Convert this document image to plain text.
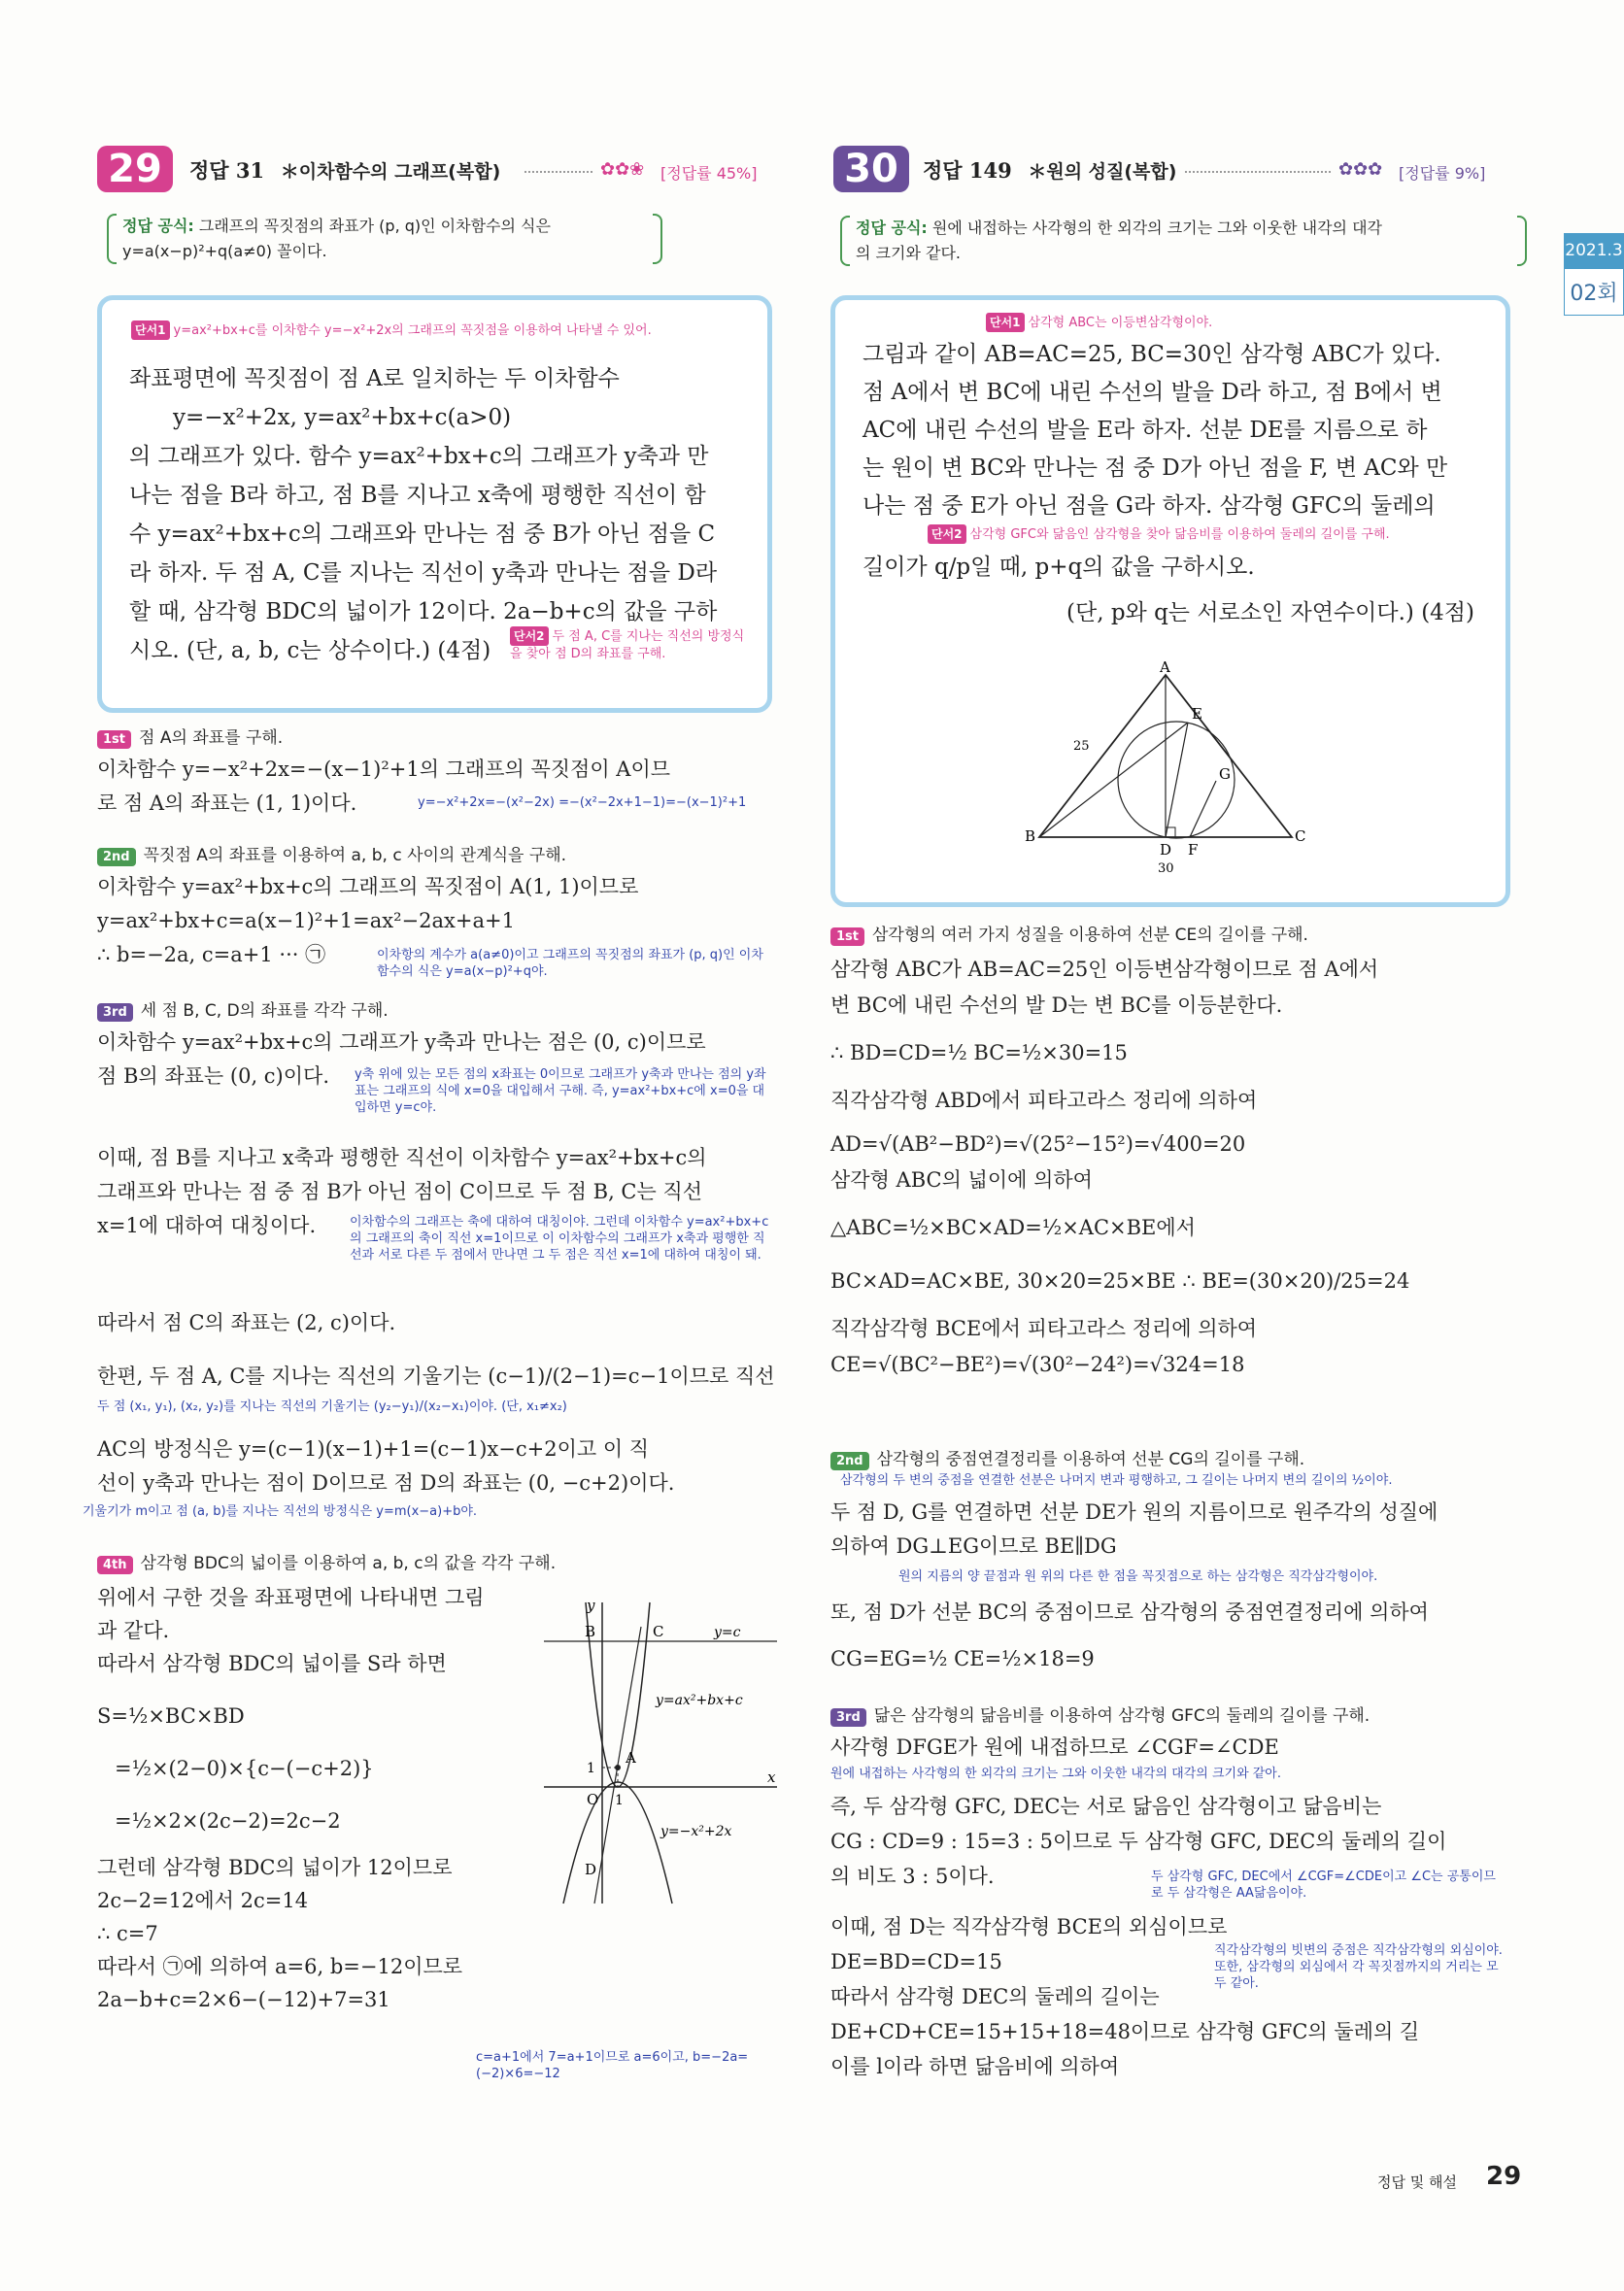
2021.3
02회
29	정답 31 ＊이차함수의 그래프(복합)	✿✿❀ [정답률 45%]
정답 공식: 그래프의 꼭짓점의 좌표가 (p, q)인 이차함수의 식은
y=a(x−p)²+q(a≠0) 꼴이다.
단서1 y=ax²+bx+c를 이차함수 y=−x²+2x의 그래프의 꼭짓점을 이용하여 나타낼 수 있어.
좌표평면에 꼭짓점이 점 A로 일치하는 두 이차함수
y=−x²+2x, y=ax²+bx+c(a>0)
의 그래프가 있다. 함수 y=ax²+bx+c의 그래프가 y축과 만
나는 점을 B라 하고, 점 B를 지나고 x축에 평행한 직선이 함
수 y=ax²+bx+c의 그래프와 만나는 점 중 B가 아닌 점을 C
라 하자. 두 점 A, C를 지나는 직선이 y축과 만나는 점을 D라
할 때, 삼각형 BDC의 넓이가 12이다. 2a−b+c의 값을 구하
시오. (단, a, b, c는 상수이다.) (4점)
단서2 두 점 A, C를 지나는 직선의 방정식을 찾아 점 D의 좌표를 구해.
1st 점 A의 좌표를 구해.
이차함수 y=−x²+2x=−(x−1)²+1의 그래프의 꼭짓점이 A이므
로 점 A의 좌표는 (1, 1)이다.	y=−x²+2x=−(x²−2x) =−(x²−2x+1−1)=−(x−1)²+1
2nd 꼭짓점 A의 좌표를 이용하여 a, b, c 사이의 관계식을 구해.
이차함수 y=ax²+bx+c의 그래프의 꼭짓점이 A(1, 1)이므로
y=ax²+bx+c=a(x−1)²+1=ax²−2ax+a+1
∴ b=−2a, c=a+1 ··· ㉠	이차항의 계수가 a(a≠0)이고 그래프의 꼭짓점의 좌표가 (p, q)인 이차함수의 식은 y=a(x−p)²+q야.
3rd 세 점 B, C, D의 좌표를 각각 구해.
이차함수 y=ax²+bx+c의 그래프가 y축과 만나는 점은 (0, c)이므로
점 B의 좌표는 (0, c)이다.	y축 위에 있는 모든 점의 x좌표는 0이므로 그래프가 y축과 만나는 점의 y좌표는 그래프의 식에 x=0을 대입해서 구해. 즉, y=ax²+bx+c에 x=0을 대입하면 y=c야.
이때, 점 B를 지나고 x축과 평행한 직선이 이차함수 y=ax²+bx+c의
그래프와 만나는 점 중 점 B가 아닌 점이 C이므로 두 점 B, C는 직선
x=1에 대하여 대칭이다.	이차함수의 그래프는 축에 대하여 대칭이야. 그런데 이차함수 y=ax²+bx+c의 그래프의 축이 직선 x=1이므로 이 이차함수의 그래프가 x축과 평행한 직선과 서로 다른 두 점에서 만나면 그 두 점은 직선 x=1에 대하여 대칭이 돼.
따라서 점 C의 좌표는 (2, c)이다.
한편, 두 점 A, C를 지나는 직선의 기울기는 (c−1)/(2−1)=c−1이므로 직선
두 점 (x₁, y₁), (x₂, y₂)를 지나는 직선의 기울기는 (y₂−y₁)/(x₂−x₁)이야. (단, x₁≠x₂)
AC의 방정식은 y=(c−1)(x−1)+1=(c−1)x−c+2이고 이 직
선이 y축과 만나는 점이 D이므로 점 D의 좌표는 (0, −c+2)이다.
기울기가 m이고 점 (a, b)를 지나는 직선의 방정식은 y=m(x−a)+b야.
4th 삼각형 BDC의 넓이를 이용하여 a, b, c의 값을 각각 구해.
위에서 구한 것을 좌표평면에 나타내면 그림
과 같다.
따라서 삼각형 BDC의 넓이를 S라 하면
S=½×BC×BD
=½×(2−0)×{c−(−c+2)}
=½×2×(2c−2)=2c−2
그런데 삼각형 BDC의 넓이가 12이므로
2c−2=12에서 2c=14
∴ c=7
따라서 ㉠에 의하여 a=6, b=−12이므로
2a−b+c=2×6−(−12)+7=31
c=a+1에서 7=a+1이므로 a=6이고, b=−2a=(−2)×6=−12
y
x
B	C
A
D
O 1
1
y=c
y=ax²+bx+c
y=−x²+2x
30	정답 149 ＊원의 성질(복합)	✿✿✿ [정답률 9%]
정답 공식: 원에 내접하는 사각형의 한 외각의 크기는 그와 이웃한 내각의 대각
의 크기와 같다.
단서1 삼각형 ABC는 이등변삼각형이야.
그림과 같이 AB=AC=25, BC=30인 삼각형 ABC가 있다.
점 A에서 변 BC에 내린 수선의 발을 D라 하고, 점 B에서 변
AC에 내린 수선의 발을 E라 하자. 선분 DE를 지름으로 하
는 원이 변 BC와 만나는 점 중 D가 아닌 점을 F, 변 AC와 만
나는 점 중 E가 아닌 점을 G라 하자. 삼각형 GFC의 둘레의
길이가 q/p일 때, p+q의 값을 구하시오.
(단, p와 q는 서로소인 자연수이다.) (4점)
단서2 삼각형 GFC와 닮음인 삼각형을 찾아 닮음비를 이용하여 둘레의 길이를 구해.
A
B	C
D
E
F
G
25
30
1st 삼각형의 여러 가지 성질을 이용하여 선분 CE의 길이를 구해.
삼각형 ABC가 AB=AC=25인 이등변삼각형이므로 점 A에서
변 BC에 내린 수선의 발 D는 변 BC를 이등분한다.
∴ BD=CD=½ BC=½×30=15
직각삼각형 ABD에서 피타고라스 정리에 의하여
AD=√(AB²−BD²)=√(25²−15²)=√400=20
삼각형 ABC의 넓이에 의하여
△ABC=½×BC×AD=½×AC×BE에서
BC×AD=AC×BE, 30×20=25×BE ∴ BE=(30×20)/25=24
직각삼각형 BCE에서 피타고라스 정리에 의하여
CE=√(BC²−BE²)=√(30²−24²)=√324=18
2nd 삼각형의 중점연결정리를 이용하여 선분 CG의 길이를 구해.
삼각형의 두 변의 중점을 연결한 선분은 나머지 변과 평행하고, 그 길이는 나머지 변의 길이의 ½이야.
두 점 D, G를 연결하면 선분 DE가 원의 지름이므로 원주각의 성질에
의하여 DG⊥EG이므로 BE∥DG
원의 지름의 양 끝점과 원 위의 다른 한 점을 꼭짓점으로 하는 삼각형은 직각삼각형이야.
또, 점 D가 선분 BC의 중점이므로 삼각형의 중점연결정리에 의하여
CG=EG=½ CE=½×18=9
3rd 닮은 삼각형의 닮음비를 이용하여 삼각형 GFC의 둘레의 길이를 구해.
사각형 DFGE가 원에 내접하므로 ∠CGF=∠CDE
원에 내접하는 사각형의 한 외각의 크기는 그와 이웃한 내각의 대각의 크기와 같아.
즉, 두 삼각형 GFC, DEC는 서로 닮음인 삼각형이고 닮음비는
CG : CD=9 : 15=3 : 5이므로 두 삼각형 GFC, DEC의 둘레의 길이
의 비도 3 : 5이다.	두 삼각형 GFC, DEC에서 ∠CGF=∠CDE이고 ∠C는 공통이므로 두 삼각형은 AA닮음이야.
이때, 점 D는 직각삼각형 BCE의 외심이므로
DE=BD=CD=15
따라서 삼각형 DEC의 둘레의 길이는
DE+CD+CE=15+15+18=48이므로 삼각형 GFC의 둘레의 길
이를 l이라 하면 닮음비에 의하여
직각삼각형의 빗변의 중점은 직각삼각형의 외심이야. 또한, 삼각형의 외심에서 각 꼭짓점까지의 거리는 모두 같아.
정답 및 해설 29
